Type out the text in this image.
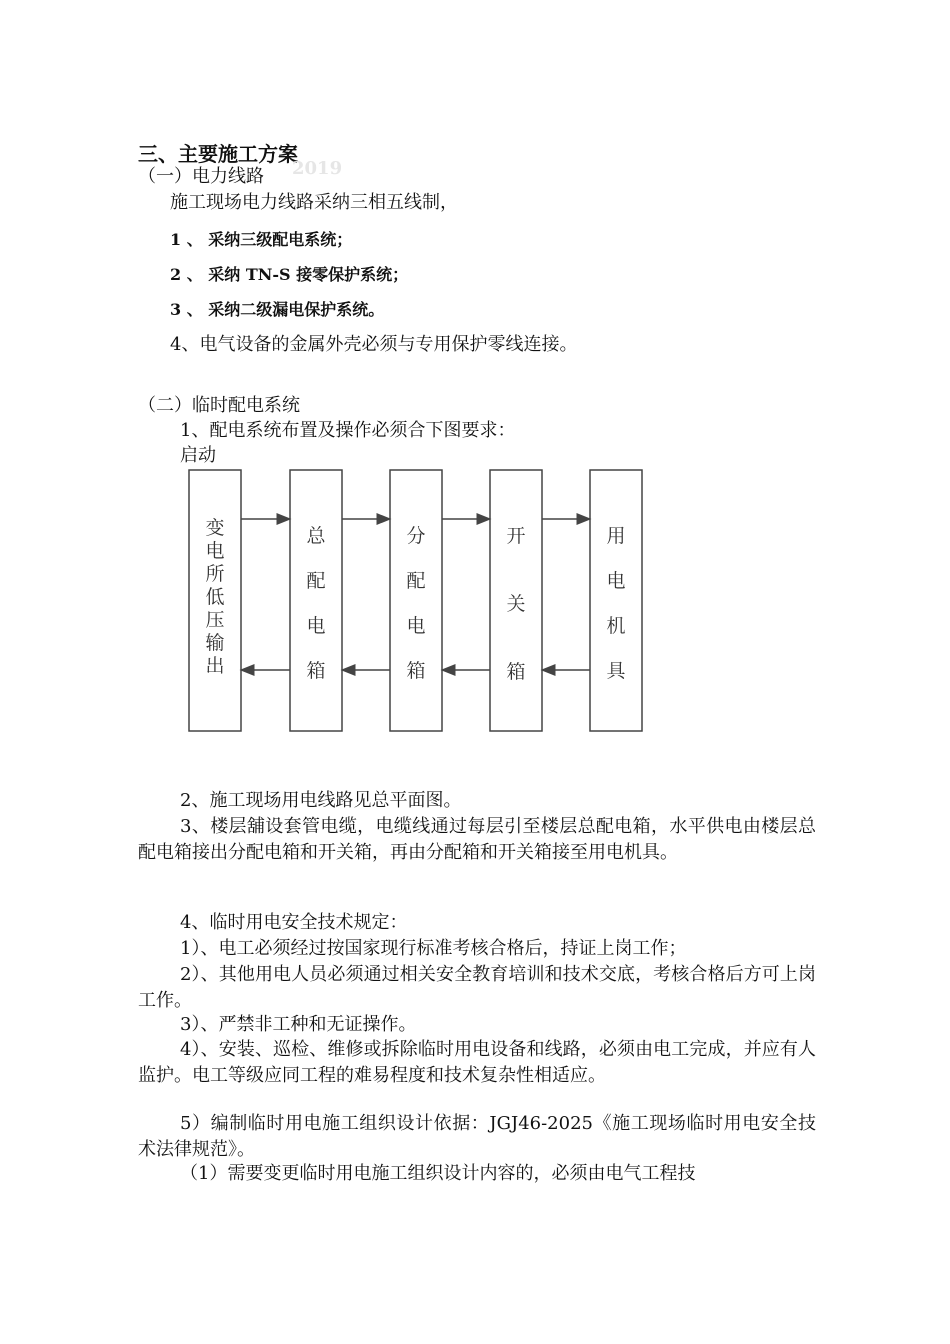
三、主要施工方案
2019
（一）电力线路
施工现场电力线路采纳三相五线制，
1 、 采纳三级配电系统；
2 、 采纳 TN-S 接零保护系统；
3 、 采纳二级漏电保护系统。
4、电气设备的金属外壳必须与专用保护零线连接。
（二）临时配电系统
1、配电系统布置及操作必须合下图要求：
启动
变电所低压输出
总配电箱
分配电箱
开关箱
用电机具
2、施工现场用电线路见总平面图。
3、楼层舖设套管电缆，电缆线通过每层引至楼层总配电箱，水平供电由楼层总配电箱接出分配电箱和开关箱，再由分配箱和开关箱接至用电机具。
4、临时用电安全技术规定：
1）、电工必须经过按国家现行标准考核合格后，持证上岗工作；
2）、其他用电人员必须通过相关安全教育培训和技术交底，考核合格后方可上岗工作。
3）、严禁非工种和无证操作。
4）、安装、巡检、维修或拆除临时用电设备和线路，必须由电工完成，并应有人监护。电工等级应同工程的难易程度和技术复杂性相适应。
5）编制临时用电施工组织设计依据：JGJ46-2025《施工现场临时用电安全技术法律规范》。
（1）需要变更临时用电施工组织设计内容的，必须由电气工程技
